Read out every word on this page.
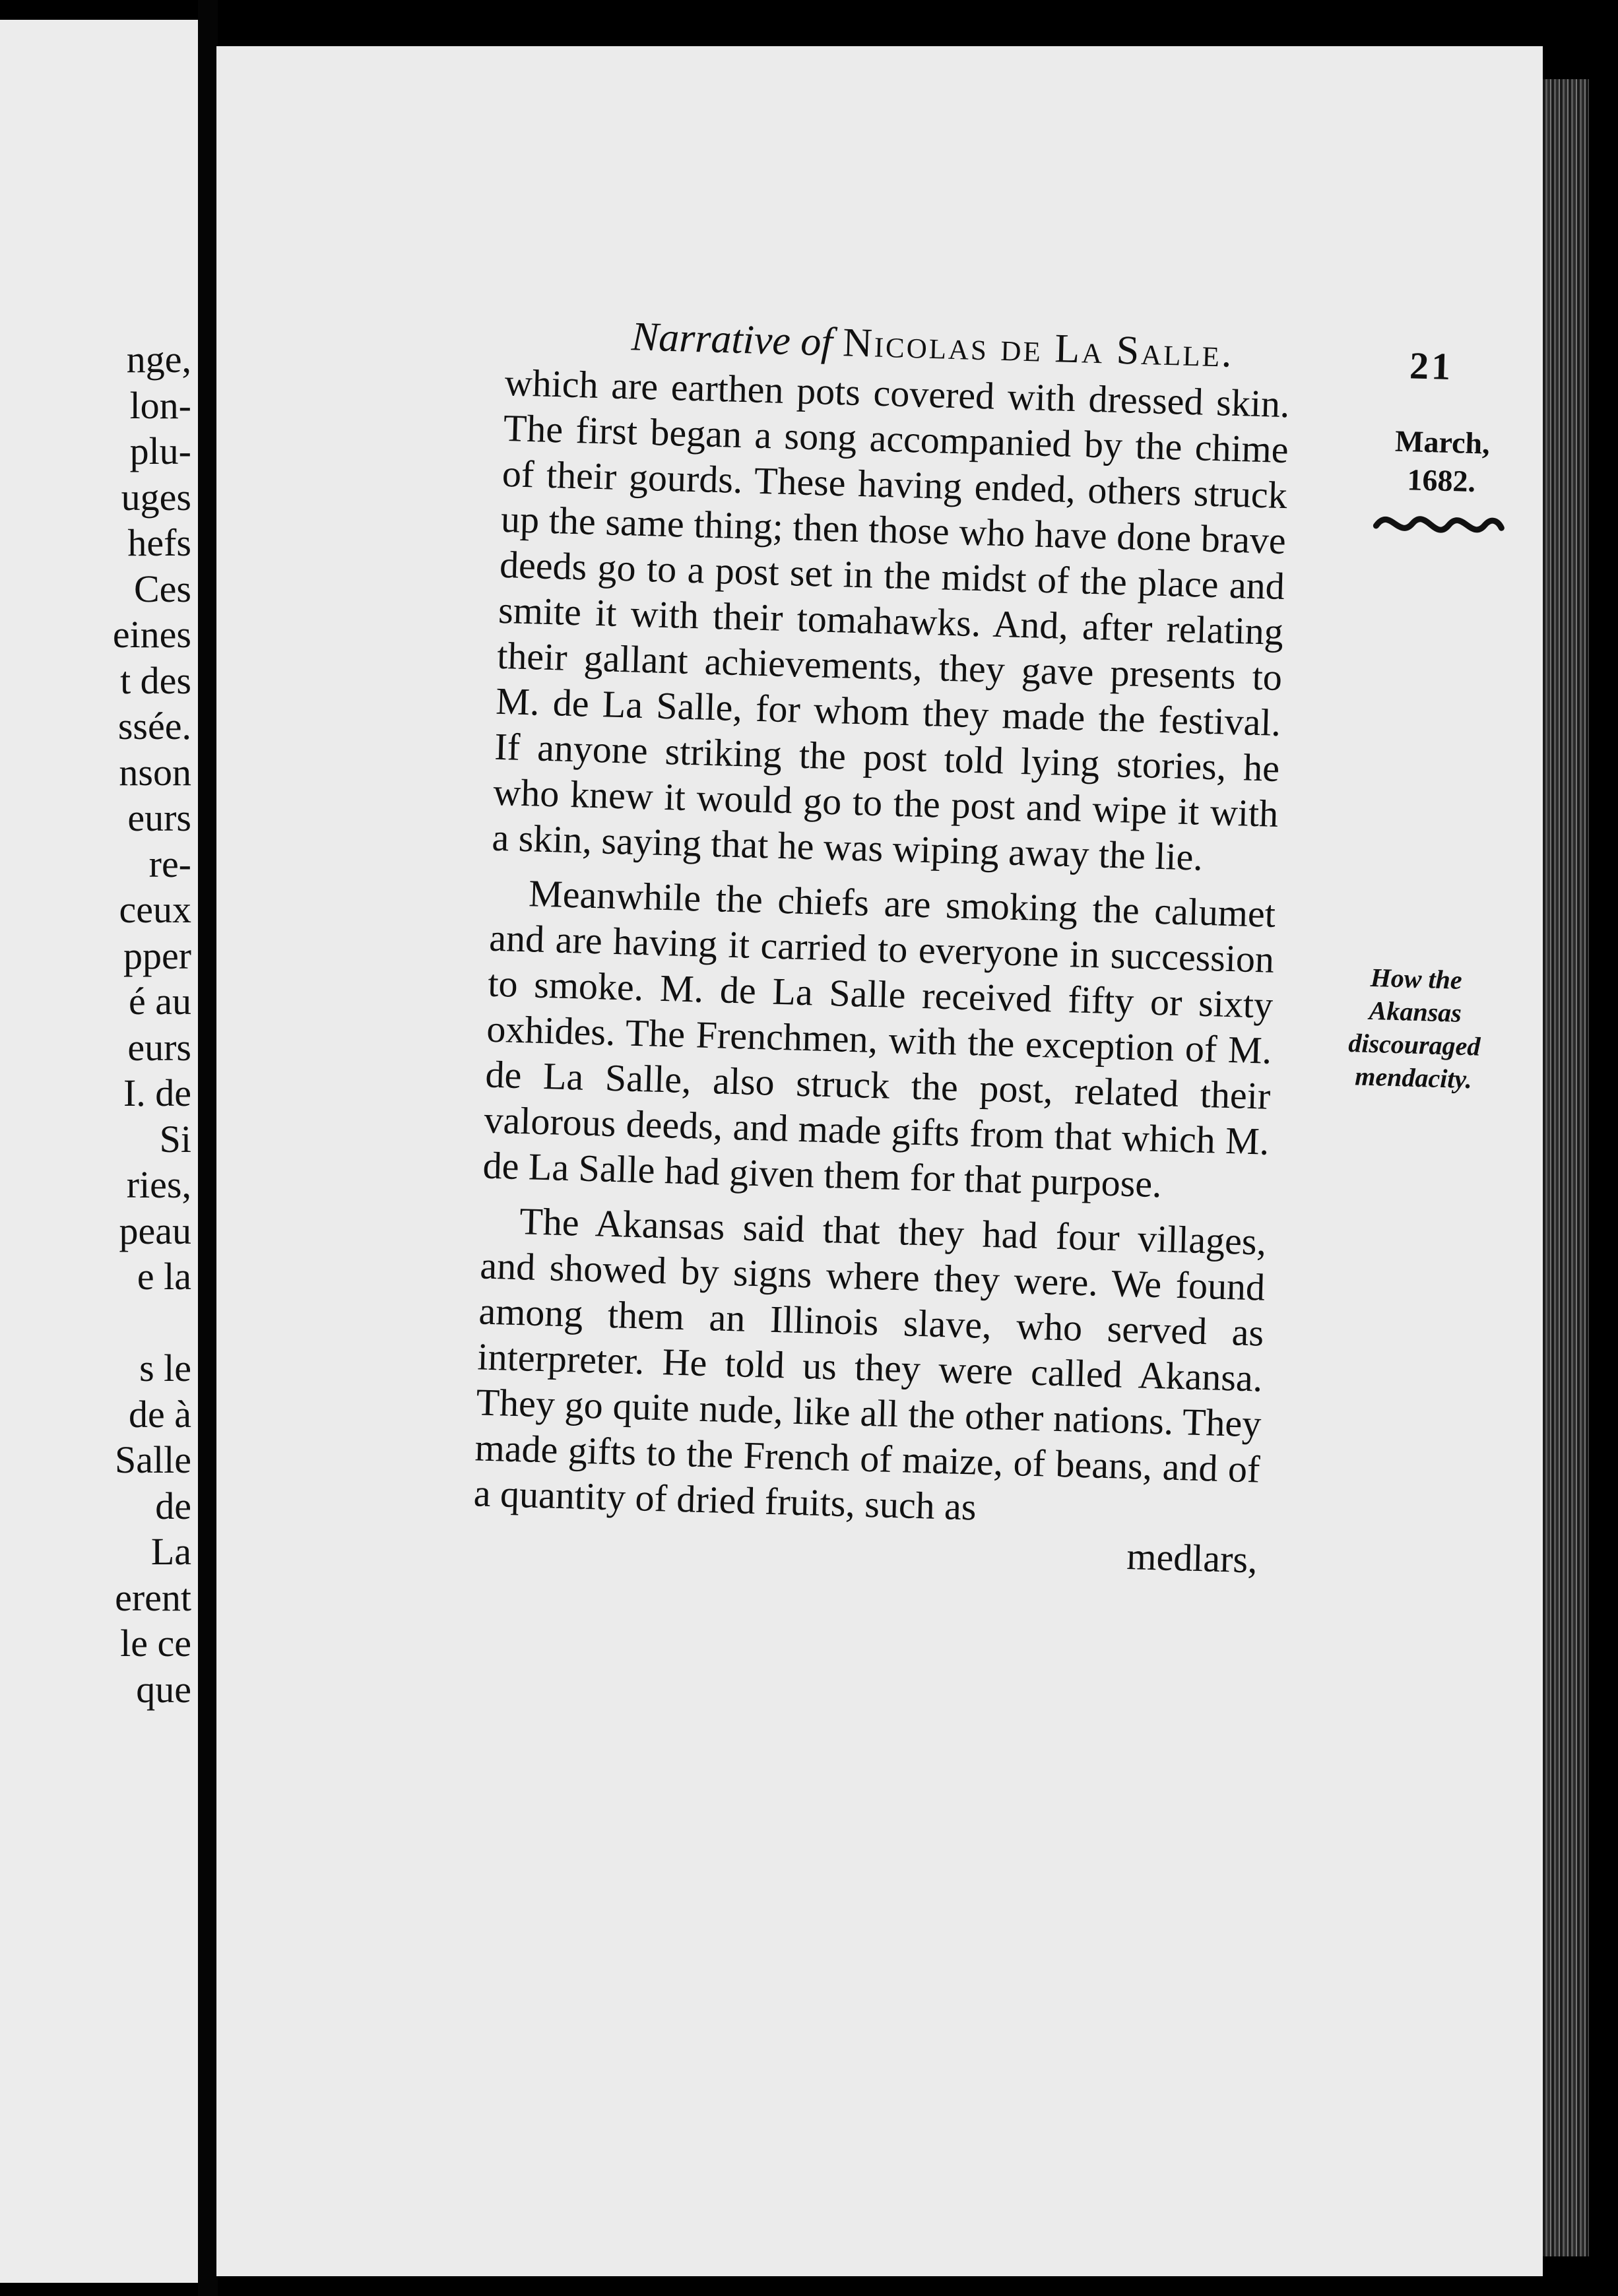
nge,
lon-
plu-
uges
hefs
Ces
eines
t des
ssée.
nson
eurs
re-
ceux
pper
é au
eurs
I. de
Si
ries,
peau
e la
s le
de à
Salle
de
La
erent
le ce
que
Narrative of Nicolas de La Salle.	21
March,
1682.
How the
Akansas
discouraged
mendacity.

which are earthen pots covered with dressed skin. The first began a song accompanied by the chime of their gourds. These having ended, others struck up the same thing; then those who have done brave deeds go to a post set in the midst of the place and smite it with their tomahawks. And, after relating their gallant achievements, they gave presents to M. de La Salle, for whom they made the festival. If anyone striking the post told lying stories, he who knew it would go to the post and wipe it with a skin, saying that he was wiping away the lie.

Meanwhile the chiefs are smoking the calumet and are having it carried to everyone in succession to smoke. M. de La Salle received fifty or sixty oxhides. The Frenchmen, with the exception of M. de La Salle, also struck the post, related their valorous deeds, and made gifts from that which M. de La Salle had given them for that purpose.

The Akansas said that they had four villages, and showed by signs where they were. We found among them an Illinois slave, who served as interpreter. He told us they were called Akansa. They go quite nude, like all the other nations. They made gifts to the French of maize, of beans, and of a quantity of dried fruits, such as

medlars,
